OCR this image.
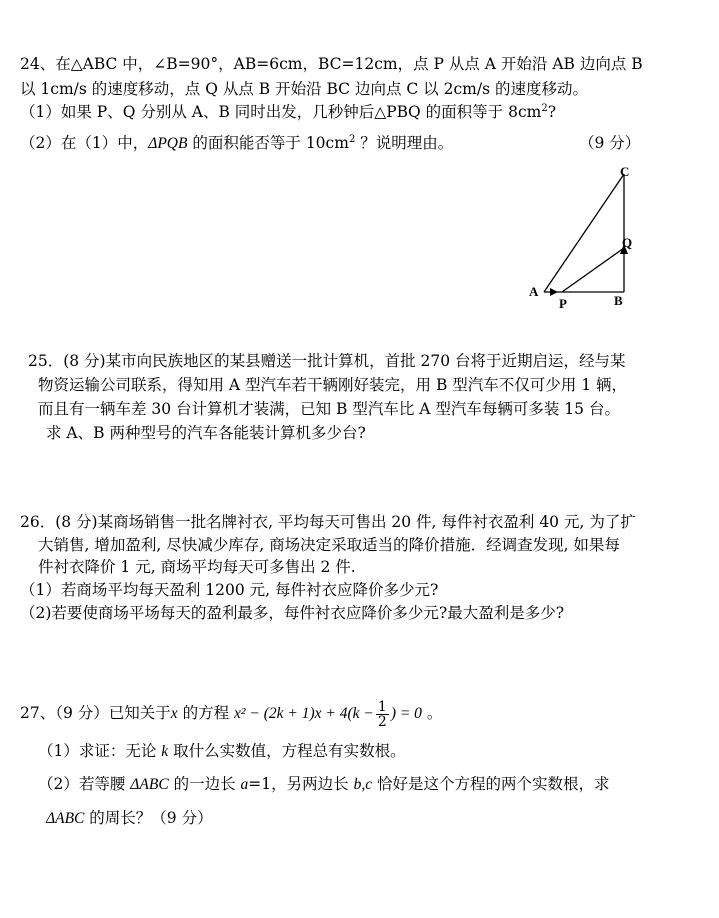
24、在△ABC 中，∠B=90°，AB=6cm，BC=12cm，点 P 从点 A 开始沿 AB 边向点 B
以 1cm/s 的速度移动，点 Q 从点 B 开始沿 BC 边向点 C 以 2cm/s 的速度移动。
（1）如果 P、Q 分别从 A、B 同时出发，几秒钟后△PBQ 的面积等于 $8cm^2$?
（2）在（1）中，ΔPQB 的面积能否等于 $10cm^2$ ？说明理由。	（9 分）
C
Q
A
P	B
25．(8 分)某市向民族地区的某县赠送一批计算机，首批 270 台将于近期启运，经与某
物资运输公司联系，得知用 A 型汽车若干辆刚好装完，用 B 型汽车不仅可少用 1 辆，
而且有一辆车差 30 台计算机才装满，已知 B 型汽车比 A 型汽车每辆可多装 15 台。
求 A、B 两种型号的汽车各能装计算机多少台?
26．(8 分)某商场销售一批名牌衬衣, 平均每天可售出 20 件, 每件衬衣盈利 40 元, 为了扩
大销售, 增加盈利, 尽快减少库存, 商场决定采取适当的降价措施．经调查发现, 如果每
件衬衣降价 1 元, 商场平均每天可多售出 2 件.
（1）若商场平均每天盈利 1200 元, 每件衬衣应降价多少元?
（2)若要使商场平场每天的盈利最多，每件衬衣应降价多少元?最大盈利是多少?
27、（9 分）已知关于x 的方程 $x^2 - (2k + 1)x + 4(k - \frac{1}{2}$ ) = 0 。
（1）求证：无论 k 取什么实数值，方程总有实数根。
（2）若等腰 ΔABC 的一边长 a=1，另两边长 b,c 恰好是这个方程的两个实数根，求
ΔABC 的周长？（9 分）
